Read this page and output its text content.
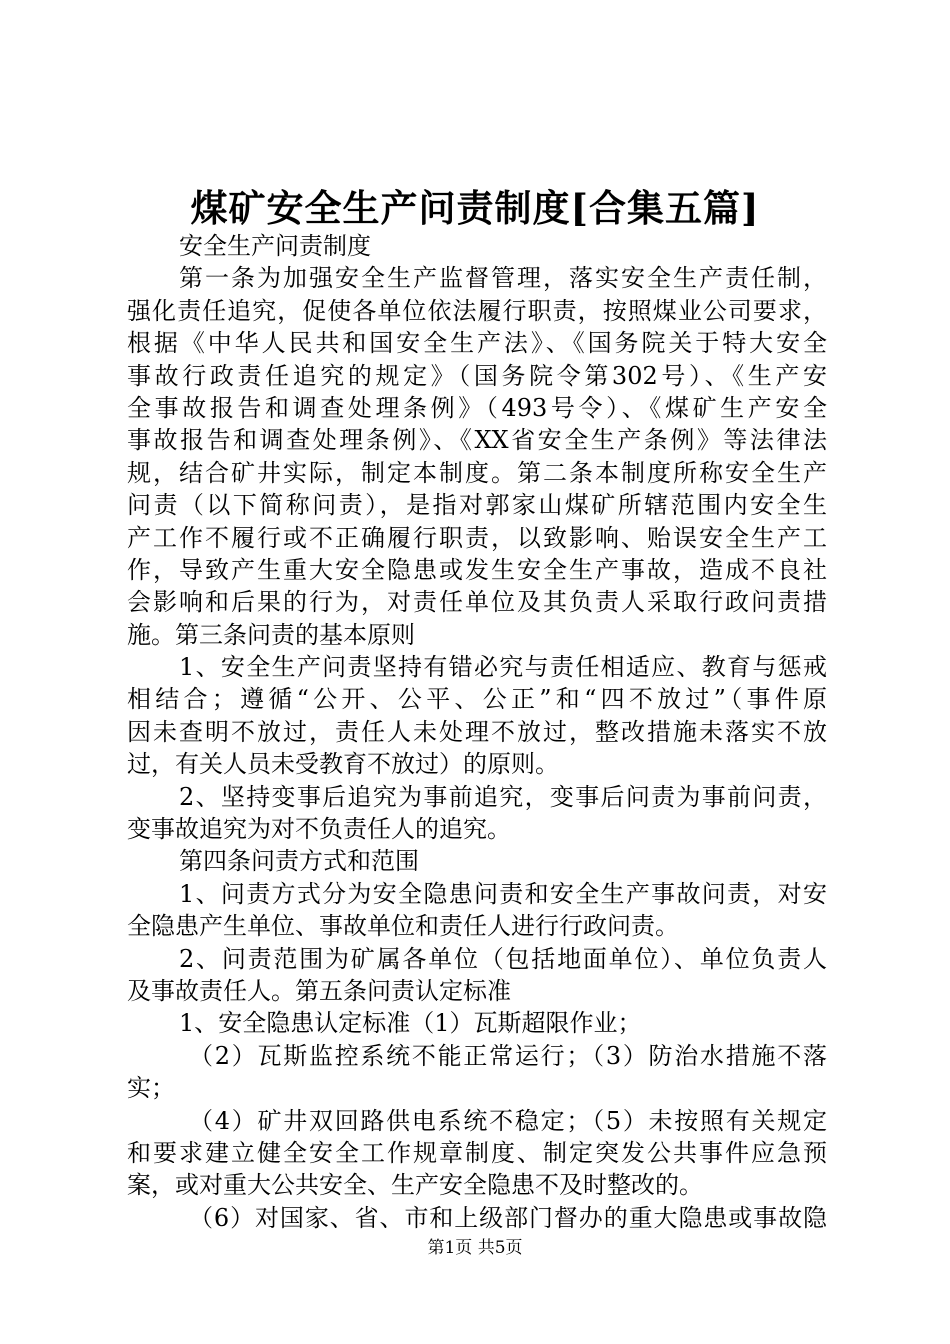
煤矿安全生产问责制度[合集五篇]
安全生产问责制度
第一条为加强安全生产监督管理，落实安全生产责任制，
强化责任追究，促使各单位依法履行职责，按照煤业公司要求，
根据《中华人民共和国安全生产法》、《国务院关于特大安全
事故行政责任追究的规定》（国务院令第302号）、《生产安
全事故报告和调查处理条例》（493号令）、《煤矿生产安全
事故报告和调查处理条例》、《XX省安全生产条例》等法律法
规，结合矿井实际，制定本制度。第二条本制度所称安全生产
问责（以下简称问责），是指对郭家山煤矿所辖范围内安全生
产工作不履行或不正确履行职责，以致影响、贻误安全生产工
作，导致产生重大安全隐患或发生安全生产事故，造成不良社
会影响和后果的行为，对责任单位及其负责人采取行政问责措
施。第三条问责的基本原则
1、安全生产问责坚持有错必究与责任相适应、教育与惩戒
相结合；遵循“公开、公平、公正”和“四不放过”（事件原
因未查明不放过，责任人未处理不放过，整改措施未落实不放
过，有关人员未受教育不放过）的原则。
2、坚持变事后追究为事前追究，变事后问责为事前问责，
变事故追究为对不负责任人的追究。
第四条问责方式和范围
1、问责方式分为安全隐患问责和安全生产事故问责，对安
全隐患产生单位、事故单位和责任人进行行政问责。
2、问责范围为矿属各单位（包括地面单位）、单位负责人
及事故责任人。第五条问责认定标准
1、安全隐患认定标准（1）瓦斯超限作业；
（2）瓦斯监控系统不能正常运行；（3）防治水措施不落
实；
（4）矿井双回路供电系统不稳定；（5）未按照有关规定
和要求建立健全安全工作规章制度、制定突发公共事件应急预
案，或对重大公共安全、生产安全隐患不及时整改的。
（6）对国家、省、市和上级部门督办的重大隐患或事故隐
第1页 共5页
